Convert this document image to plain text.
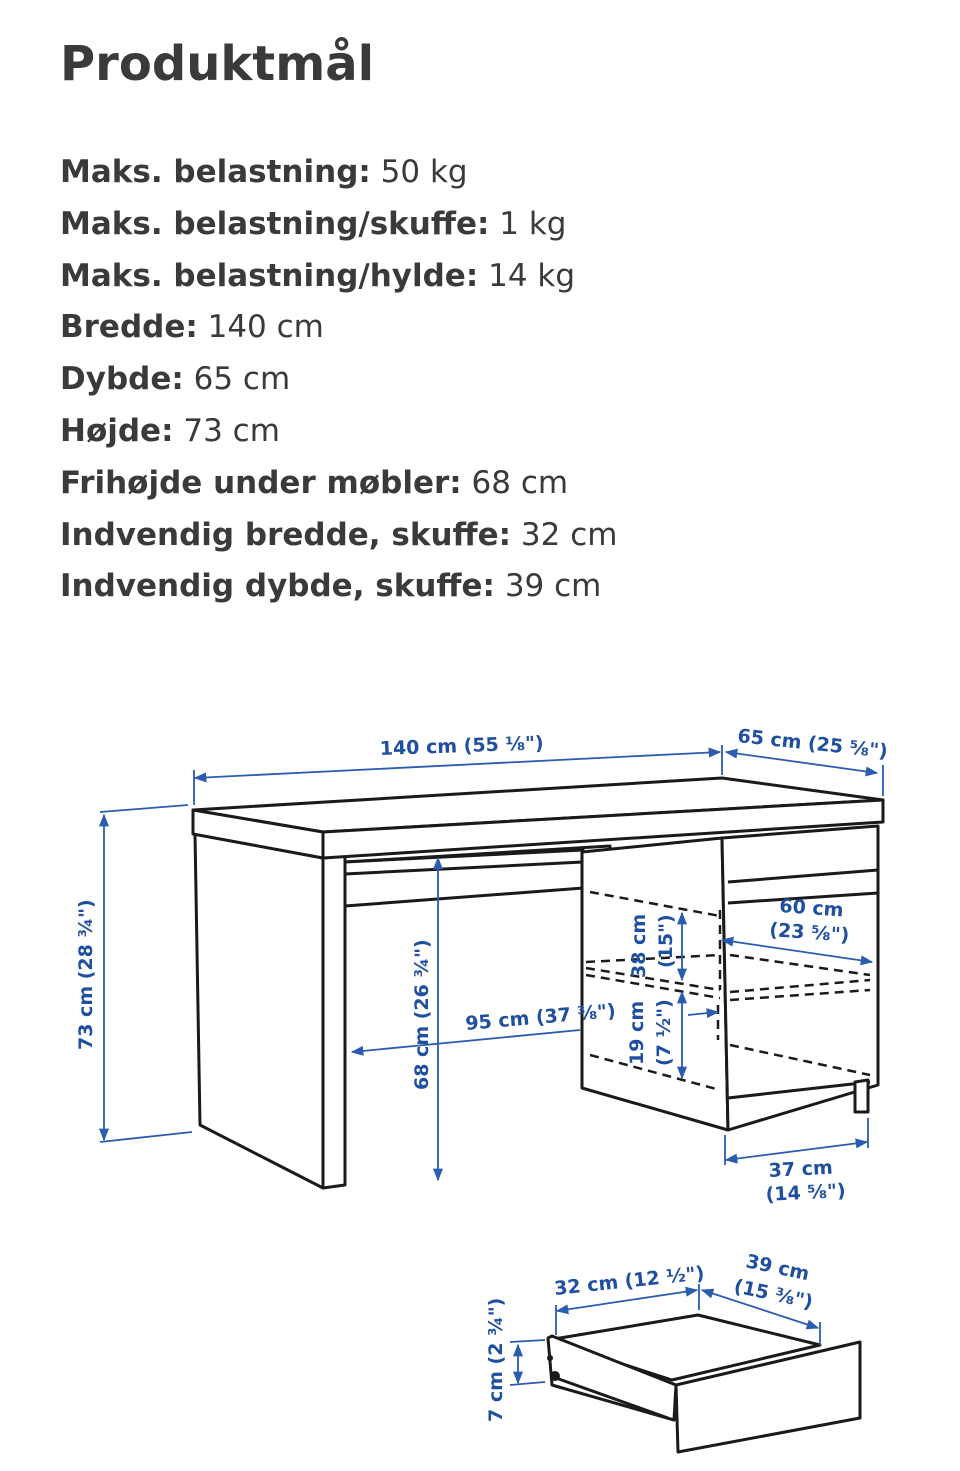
Produktmål
Maks. belastning: 50 kg
Maks. belastning/skuffe: 1 kg
Maks. belastning/hylde: 14 kg
Bredde: 140 cm
Dybde: 65 cm
Højde: 73 cm
Frihøjde under møbler: 68 cm
Indvendig bredde, skuffe: 32 cm
Indvendig dybde, skuffe: 39 cm
140 cm (55 ⅛")	65 cm (25 ⅝")
73 cm (28 ¾")	68 cm (26 ¾") 95 cm (37 ⅜")
38 cm (15")
19 cm (7 ½")
60 cm
(23 ⅝")
37 cm
(14 ⅝")
32 cm (12 ½") 39 cm
(15 ⅜")
7 cm (2 ¾")
